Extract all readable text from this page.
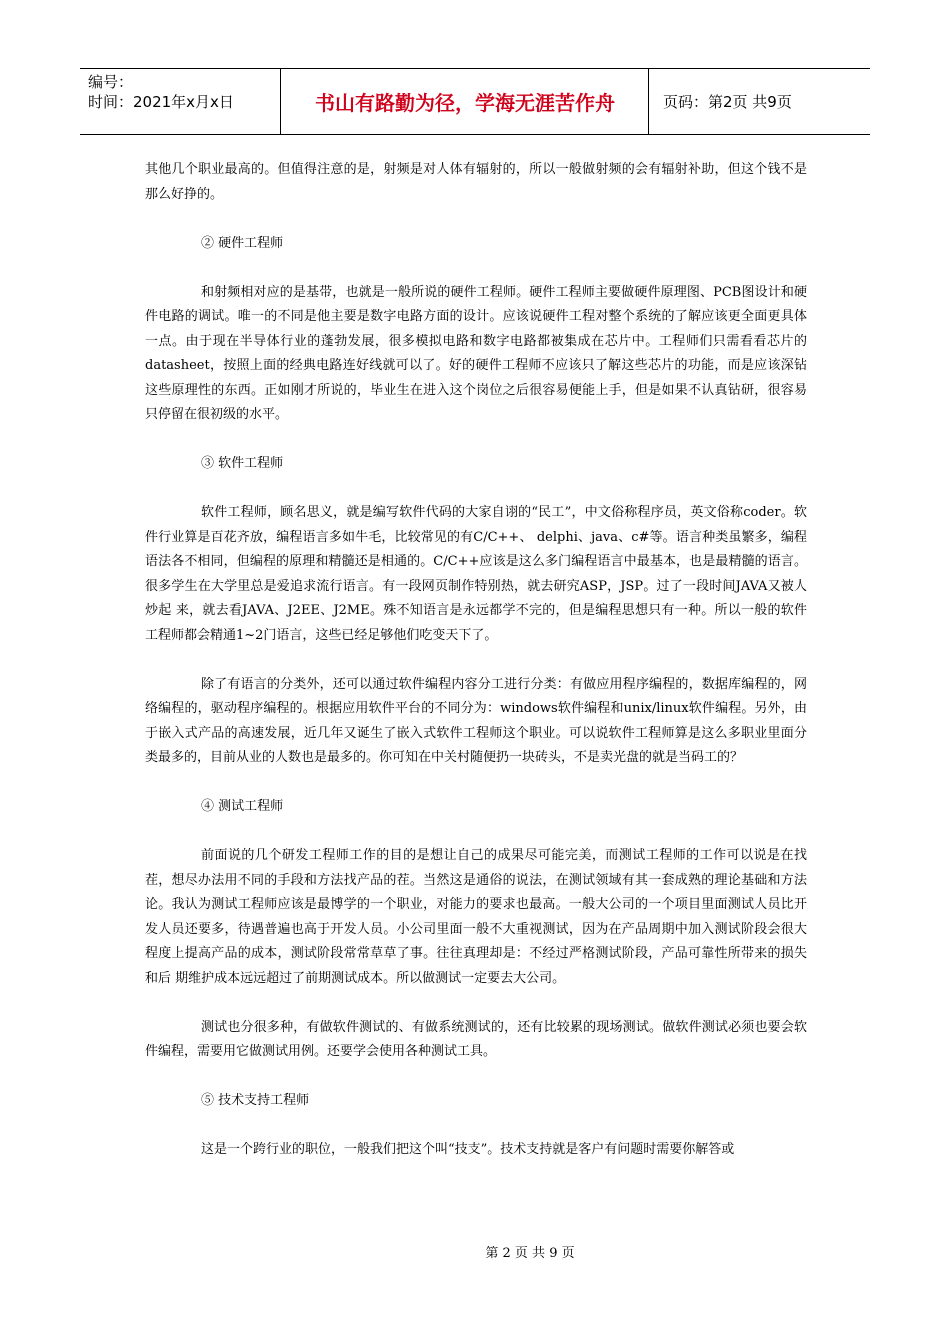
编号：
时间：2021年x月x日	书山有路勤为径，学海无涯苦作舟	页码：第2页 共9页

其他几个职业最高的。但值得注意的是，射频是对人体有辐射的，所以一般做射频的会有辐射补助，但这个钱不是那么好挣的。

② 硬件工程师

和射频相对应的是基带，也就是一般所说的硬件工程师。硬件工程师主要做硬件原理图、PCB图设计和硬件电路的调试。唯一的不同是他主要是数字电路方面的设计。应该说硬件工程对整个系统的了解应该更全面更具体一点。由于现在半导体行业的蓬勃发展，很多模拟电路和数字电路都被集成在芯片中。工程师们只需看看芯片的datasheet，按照上面的经典电路连好线就可以了。好的硬件工程师不应该只了解这些芯片的功能，而是应该深钻这些原理性的东西。正如刚才所说的，毕业生在进入这个岗位之后很容易便能上手，但是如果不认真钻研，很容易只停留在很初级的水平。

③ 软件工程师

软件工程师，顾名思义，就是编写软件代码的大家自诩的“民工”，中文俗称程序员，英文俗称coder。软件行业算是百花齐放，编程语言多如牛毛，比较常见的有C/C++、 delphi、java、c#等。语言种类虽繁多，编程语法各不相同，但编程的原理和精髓还是相通的。C/C++应该是这么多门编程语言中最基本，也是最精髓的语言。很多学生在大学里总是爱追求流行语言。有一段网页制作特别热，就去研究ASP，JSP。过了一段时间JAVA又被人炒起 来，就去看JAVA、J2EE、J2ME。殊不知语言是永远都学不完的，但是编程思想只有一种。所以一般的软件工程师都会精通1~2门语言，这些已经足够他们吃变天下了。

除了有语言的分类外，还可以通过软件编程内容分工进行分类：有做应用程序编程的，数据库编程的，网络编程的，驱动程序编程的。根据应用软件平台的不同分为：windows软件编程和unix/linux软件编程。另外，由于嵌入式产品的高速发展，近几年又诞生了嵌入式软件工程师这个职业。可以说软件工程师算是这么多职业里面分类最多的，目前从业的人数也是最多的。你可知在中关村随便扔一块砖头，不是卖光盘的就是当码工的？

④ 测试工程师

前面说的几个研发工程师工作的目的是想让自己的成果尽可能完美，而测试工程师的工作可以说是在找茬，想尽办法用不同的手段和方法找产品的茬。当然这是通俗的说法，在测试领域有其一套成熟的理论基础和方法论。我认为测试工程师应该是最博学的一个职业，对能力的要求也最高。一般大公司的一个项目里面测试人员比开发人员还要多，待遇普遍也高于开发人员。小公司里面一般不大重视测试，因为在产品周期中加入测试阶段会很大程度上提高产品的成本，测试阶段常常草草了事。往往真理却是：不经过严格测试阶段，产品可靠性所带来的损失和后 期维护成本远远超过了前期测试成本。所以做测试一定要去大公司。

测试也分很多种，有做软件测试的、有做系统测试的，还有比较累的现场测试。做软件测试必须也要会软件编程，需要用它做测试用例。还要学会使用各种测试工具。

⑤ 技术支持工程师

这是一个跨行业的职位，一般我们把这个叫“技支”。技术支持就是客户有问题时需要你解答或

第 2 页 共 9 页
